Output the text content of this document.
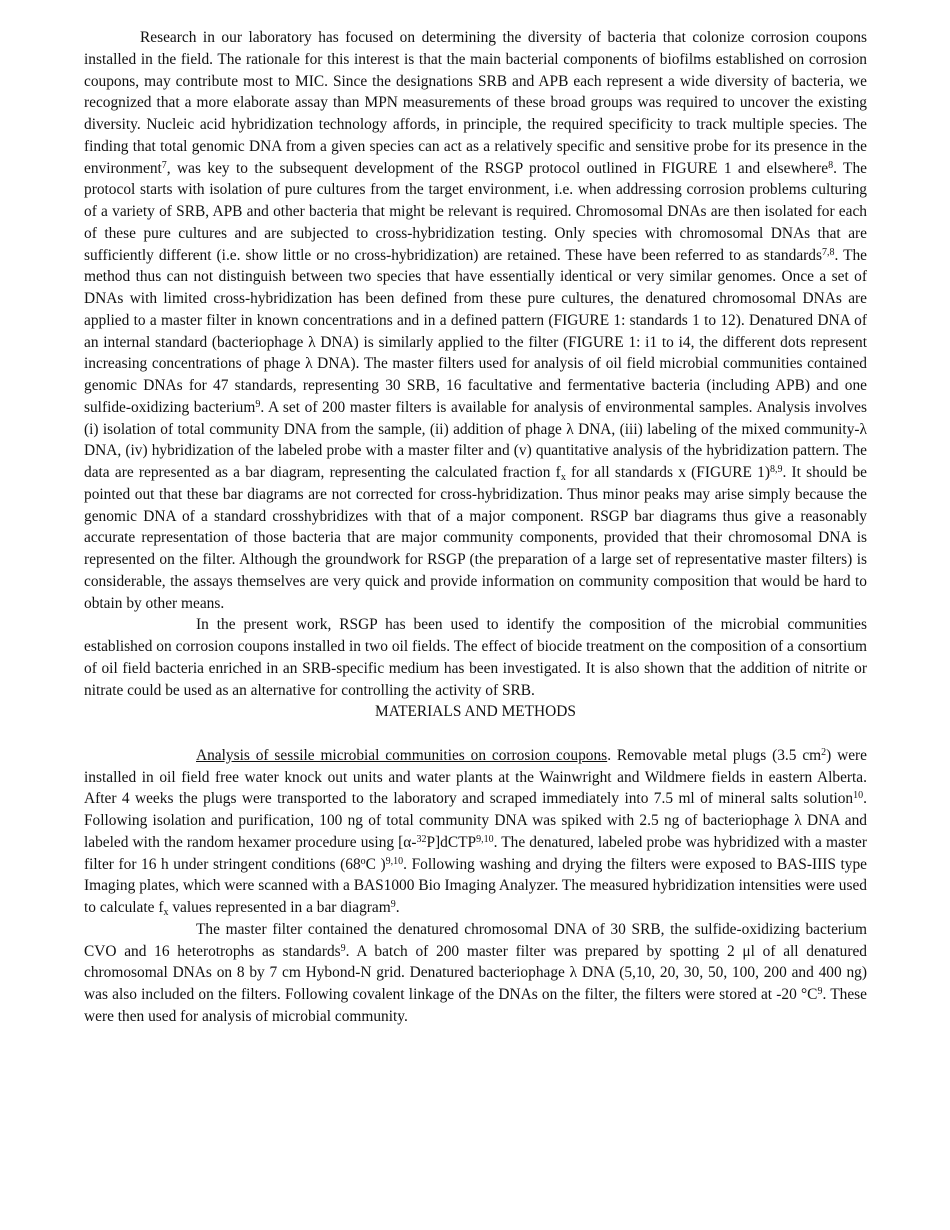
Research in our laboratory has focused on determining the diversity of bacteria that colonize corrosion coupons installed in the field. The rationale for this interest is that the main bacterial components of biofilms established on corrosion coupons, may contribute most to MIC. Since the designations SRB and APB each represent a wide diversity of bacteria, we recognized that a more elaborate assay than MPN measurements of these broad groups was required to uncover the existing diversity. Nucleic acid hybridization technology affords, in principle, the required specificity to track multiple species. The finding that total genomic DNA from a given species can act as a relatively specific and sensitive probe for its presence in the environment$^7$, was key to the subsequent development of the RSGP protocol outlined in FIGURE 1 and elsewhere$^8$. The protocol starts with isolation of pure cultures from the target environment, i.e. when addressing corrosion problems culturing of a variety of SRB, APB and other bacteria that might be relevant is required. Chromosomal DNAs are then isolated for each of these pure cultures and are subjected to cross-hybridization testing. Only species with chromosomal DNAs that are sufficiently different (i.e. show little or no cross-hybridization) are retained. These have been referred to as standards$^{7,8}$. The method thus can not distinguish between two species that have essentially identical or very similar genomes. Once a set of DNAs with limited cross-hybridization has been defined from these pure cultures, the denatured chromosomal DNAs are applied to a master filter in known concentrations and in a defined pattern (FIGURE 1: standards 1 to 12). Denatured DNA of an internal standard (bacteriophage λ DNA) is similarly applied to the filter (FIGURE 1: i1 to i4, the different dots represent increasing concentrations of phage λ DNA). The master filters used for analysis of oil field microbial communities contained genomic DNAs for 47 standards, representing 30 SRB, 16 facultative and fermentative bacteria (including APB) and one sulfide-oxidizing bacterium$^9$. A set of 200 master filters is available for analysis of environmental samples. Analysis involves (i) isolation of total community DNA from the sample, (ii) addition of phage λ DNA, (iii) labeling of the mixed community-λ DNA, (iv) hybridization of the labeled probe with a master filter and (v) quantitative analysis of the hybridization pattern. The data are represented as a bar diagram, representing the calculated fraction $f_x$ for all standards x (FIGURE 1)$^{8,9}$. It should be pointed out that these bar diagrams are not corrected for cross-hybridization. Thus minor peaks may arise simply because the genomic DNA of a standard crosshybridizes with that of a major component. RSGP bar diagrams thus give a reasonably accurate representation of those bacteria that are major community components, provided that their chromosomal DNA is represented on the filter. Although the groundwork for RSGP (the preparation of a large set of representative master filters) is considerable, the assays themselves are very quick and provide information on community composition that would be hard to obtain by other means.

In the present work, RSGP has been used to identify the composition of the microbial communities established on corrosion coupons installed in two oil fields. The effect of biocide treatment on the composition of a consortium of oil field bacteria enriched in an SRB-specific medium has been investigated. It is also shown that the addition of nitrite or nitrate could be used as an alternative for controlling the activity of SRB.

MATERIALS AND METHODS

Analysis of sessile microbial communities on corrosion coupons. Removable metal plugs (3.5 $cm^2$) were installed in oil field free water knock out units and water plants at the Wainwright and Wildmere fields in eastern Alberta. After 4 weeks the plugs were transported to the laboratory and scraped immediately into 7.5 ml of mineral salts solution$^{10}$. Following isolation and purification, 100 ng of total community DNA was spiked with 2.5 ng of bacteriophage λ DNA and labeled with the random hexamer procedure using [α-$^{32}$P]dCTP$^{9,10}$. The denatured, labeled probe was hybridized with a master filter for 16 h under stringent conditions (68$^o$C )$^{9,10}$. Following washing and drying the filters were exposed to BAS-IIIS type Imaging plates, which were scanned with a BAS1000 Bio Imaging Analyzer. The measured hybridization intensities were used to calculate $f_x$ values represented in a bar diagram$^9$.

The master filter contained the denatured chromosomal DNA of 30 SRB, the sulfide-oxidizing bacterium CVO and 16 heterotrophs as standards$^9$. A batch of 200 master filter was prepared by spotting 2 μl of all denatured chromosomal DNAs on 8 by 7 cm Hybond-N grid. Denatured bacteriophage λ DNA (5,10, 20, 30, 50, 100, 200 and 400 ng) was also included on the filters. Following covalent linkage of the DNAs on the filter, the filters were stored at -20 $^\circ C^9$. These were then used for analysis of microbial community.
